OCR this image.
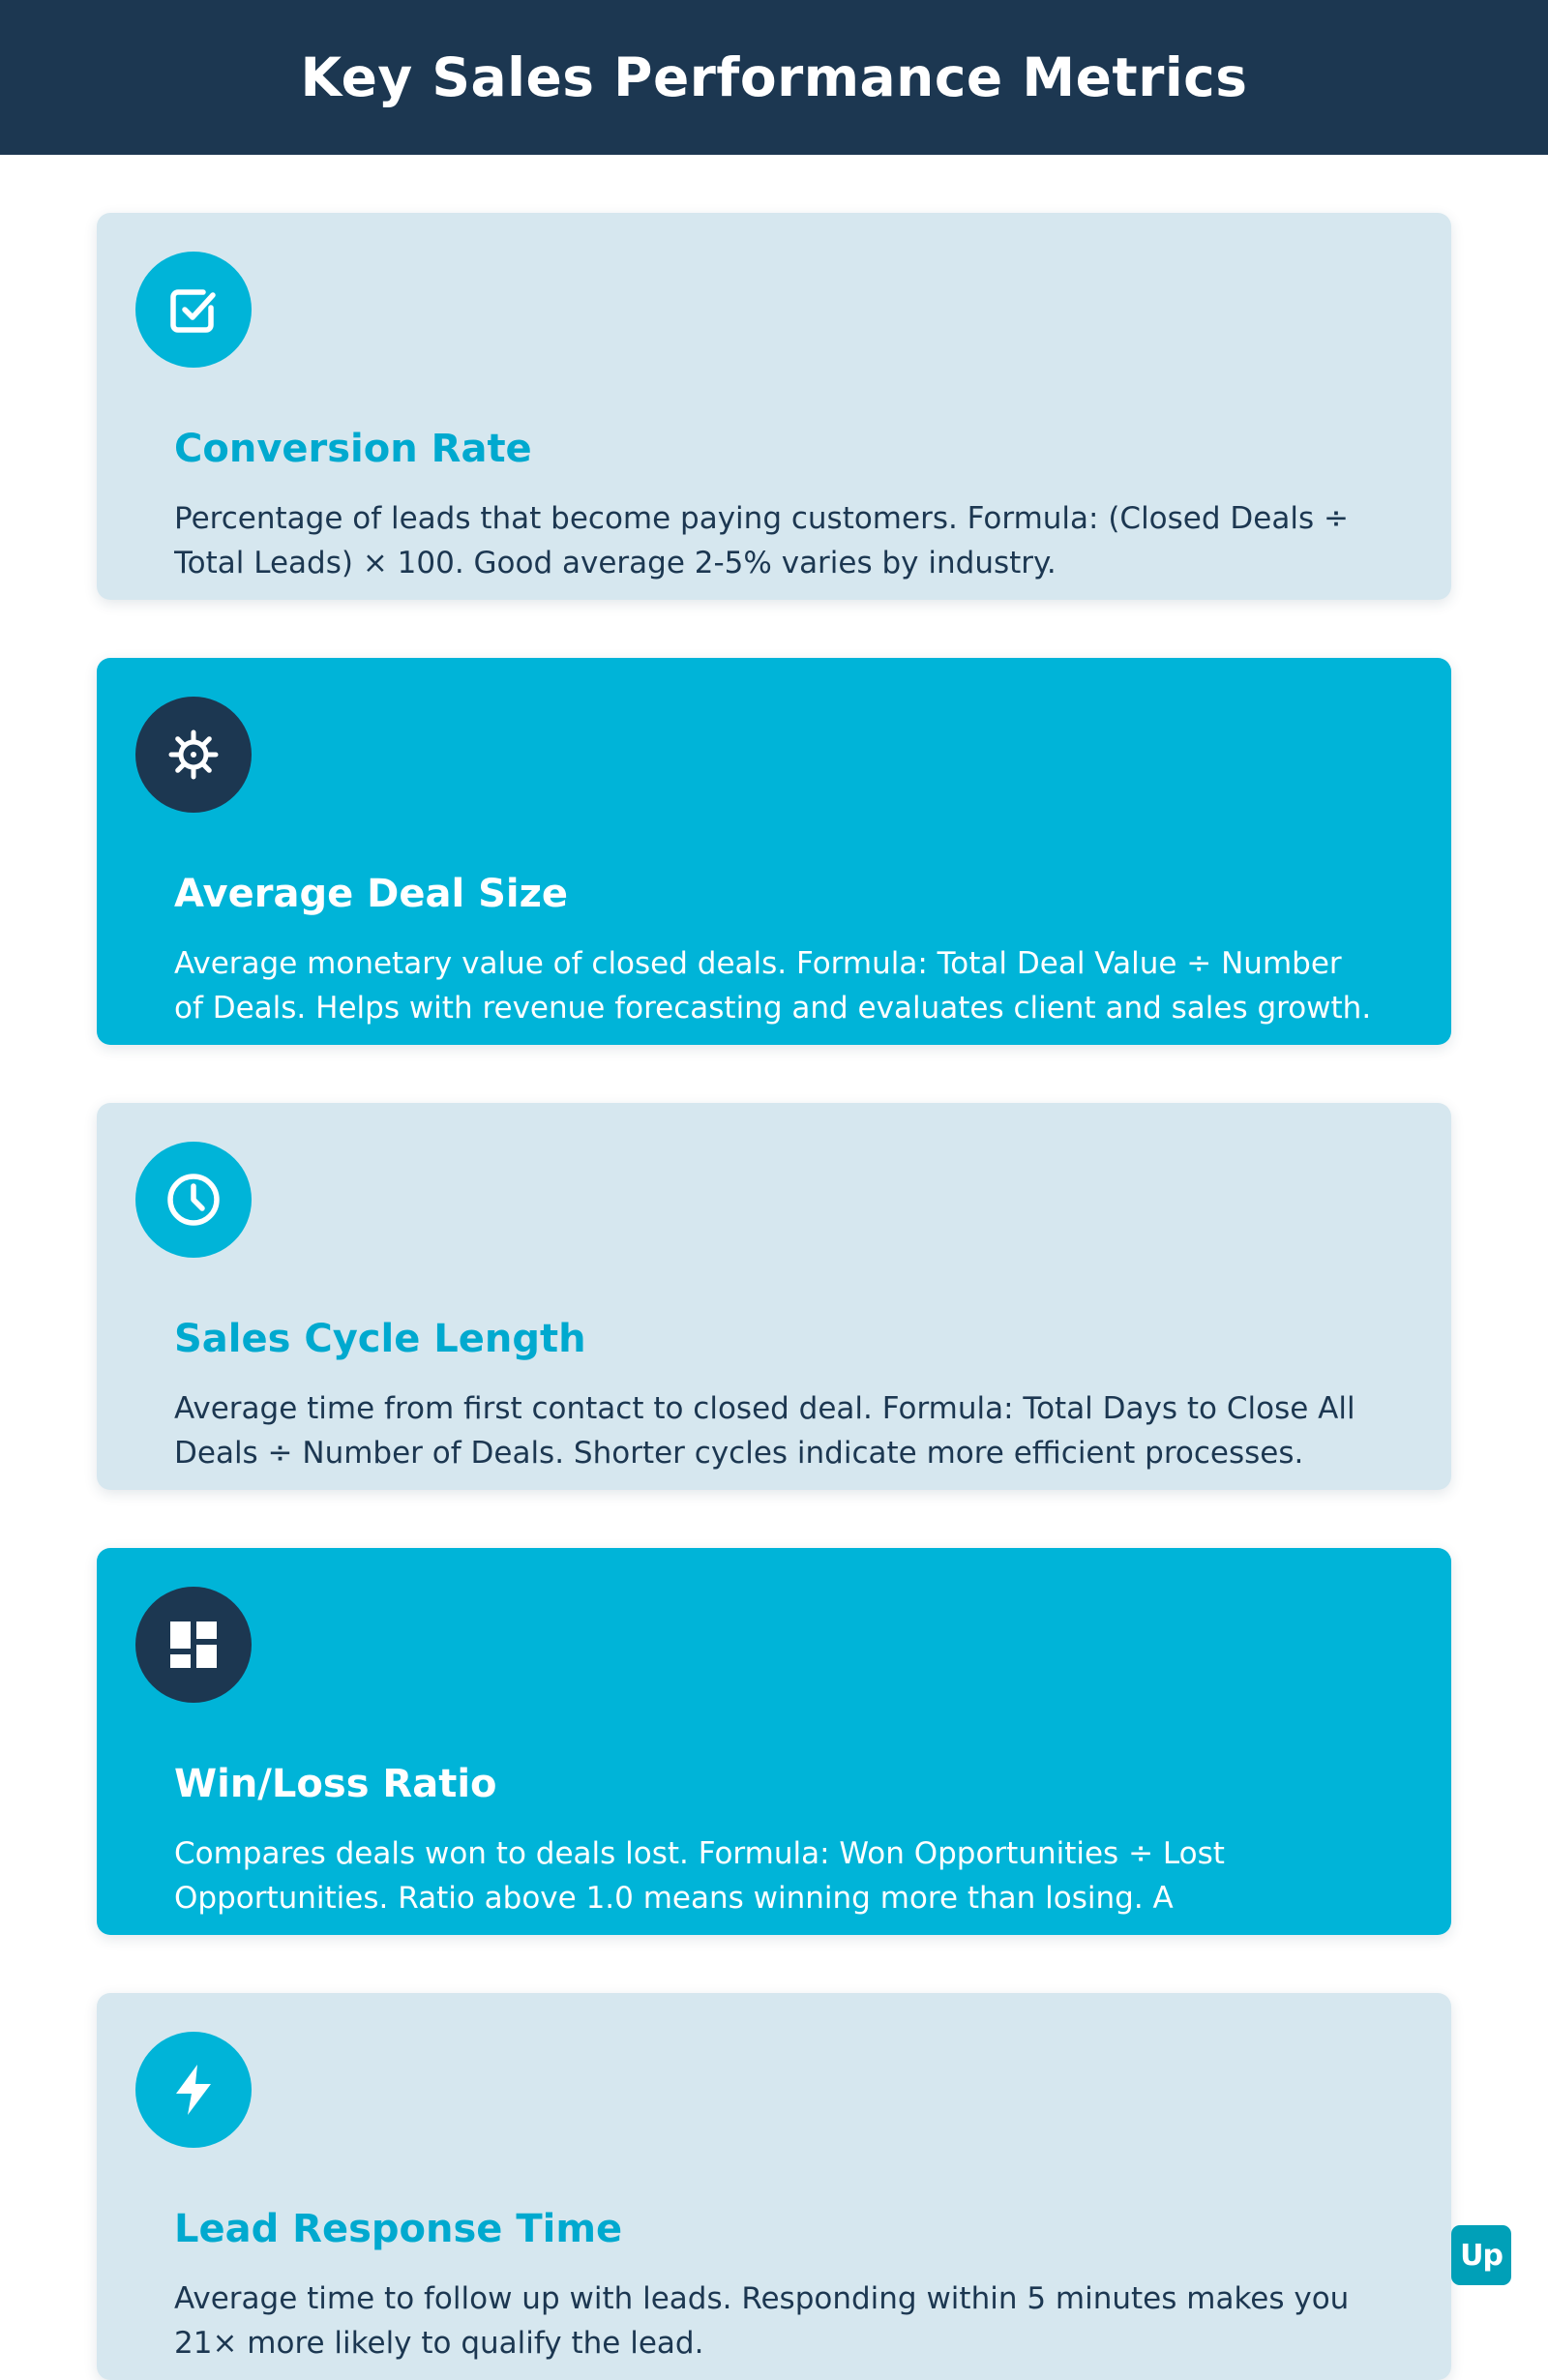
Key Sales Performance Metrics
Conversion Rate

Percentage of leads that become paying customers. Formula: (Closed Deals ÷ Total Leads) × 100. Good average 2-5% varies by industry.

Average Deal Size

Average monetary value of closed deals. Formula: Total Deal Value ÷ Number of Deals. Helps with revenue forecasting and evaluates client and sales growth.

Sales Cycle Length

Average time from first contact to closed deal. Formula: Total Days to Close All Deals ÷ Number of Deals. Shorter cycles indicate more efficient processes.

Win/Loss Ratio

Compares deals won to deals lost. Formula: Won Opportunities ÷ Lost Opportunities. Ratio above 1.0 means winning more than losing. A

Lead Response Time

Average time to follow up with leads. Responding within 5 minutes makes you 21× more likely to qualify the lead.

Up
